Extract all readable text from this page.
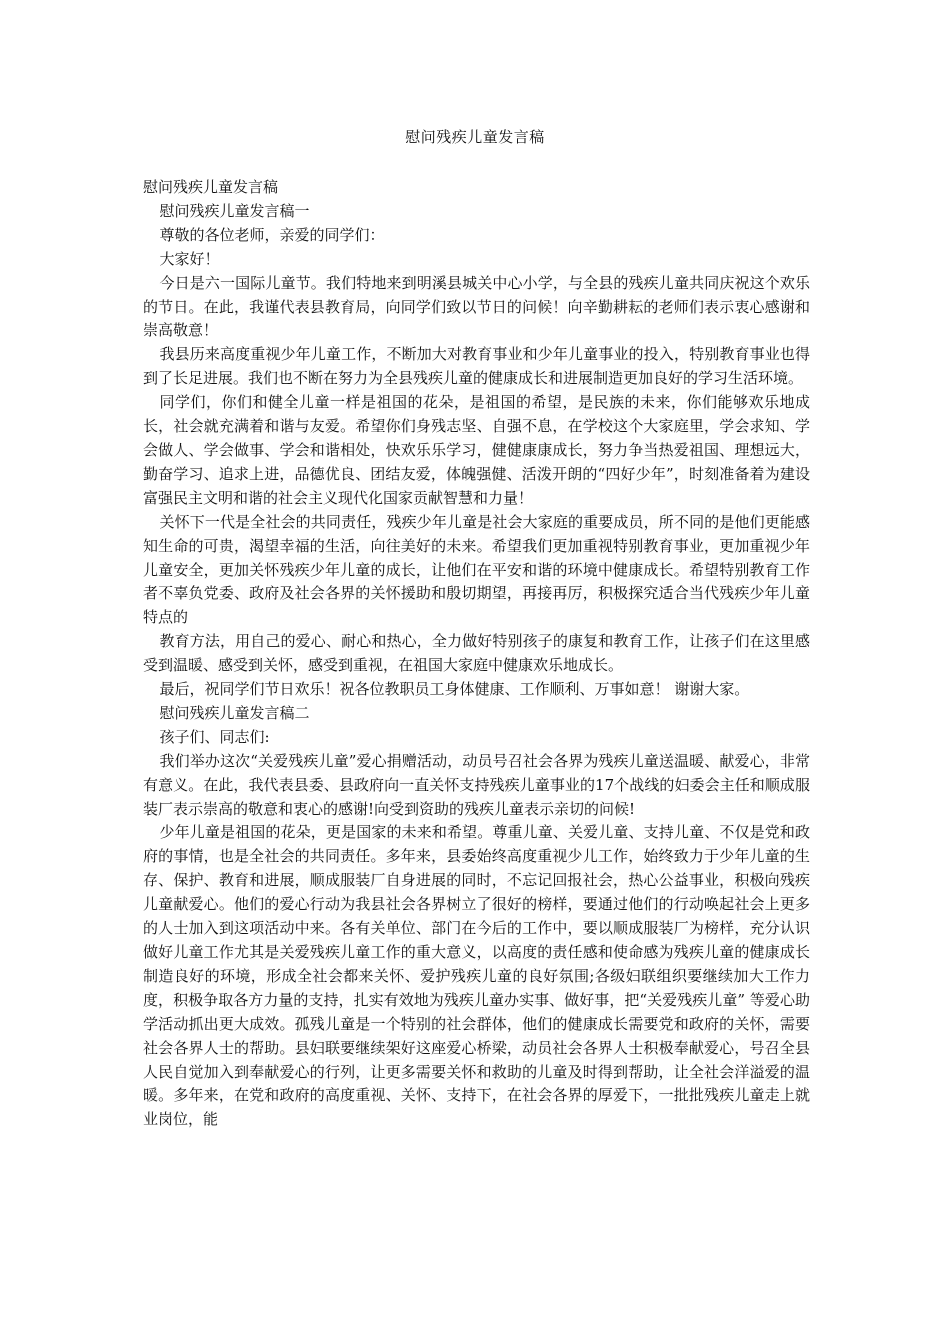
慰问残疾儿童发言稿

慰问残疾儿童发言稿

慰问残疾儿童发言稿一

尊敬的各位老师，亲爱的同学们：

大家好！

今日是六一国际儿童节。我们特地来到明溪县城关中心小学，与全县的残疾儿童共同庆祝这个欢乐的节日。在此，我谨代表县教育局，向同学们致以节日的问候！向辛勤耕耘的老师们表示衷心感谢和崇高敬意！

我县历来高度重视少年儿童工作，不断加大对教育事业和少年儿童事业的投入，特别教育事业也得到了长足进展。我们也不断在努力为全县残疾儿童的健康成长和进展制造更加良好的学习生活环境。

同学们，你们和健全儿童一样是祖国的花朵，是祖国的希望，是民族的未来，你们能够欢乐地成长，社会就充满着和谐与友爱。希望你们身残志坚、自强不息，在学校这个大家庭里，学会求知、学会做人、学会做事、学会和谐相处，快欢乐乐学习，健健康康成长，努力争当热爱祖国、理想远大，勤奋学习、追求上进，品德优良、团结友爱，体魄强健、活泼开朗的“四好少年”，时刻准备着为建设富强民主文明和谐的社会主义现代化国家贡献智慧和力量！

关怀下一代是全社会的共同责任，残疾少年儿童是社会大家庭的重要成员，所不同的是他们更能感知生命的可贵，渴望幸福的生活，向往美好的未来。希望我们更加重视特别教育事业，更加重视少年儿童安全，更加关怀残疾少年儿童的成长，让他们在平安和谐的环境中健康成长。希望特别教育工作者不辜负党委、政府及社会各界的关怀援助和殷切期望，再接再厉，积极探究适合当代残疾少年儿童特点的

教育方法，用自己的爱心、耐心和热心，全力做好特别孩子的康复和教育工作，让孩子们在这里感受到温暖、感受到关怀，感受到重视，在祖国大家庭中健康欢乐地成长。

最后，祝同学们节日欢乐！祝各位教职员工身体健康、工作顺利、万事如意！ 谢谢大家。

慰问残疾儿童发言稿二

孩子们、同志们:

我们举办这次“关爱残疾儿童”爱心捐赠活动，动员号召社会各界为残疾儿童送温暖、献爱心，非常有意义。在此，我代表县委、县政府向一直关怀支持残疾儿童事业的17个战线的妇委会主任和顺成服装厂表示崇高的敬意和衷心的感谢!向受到资助的残疾儿童表示亲切的问候!

少年儿童是祖国的花朵，更是国家的未来和希望。尊重儿童、关爱儿童、支持儿童、不仅是党和政府的事情，也是全社会的共同责任。多年来，县委始终高度重视少儿工作，始终致力于少年儿童的生存、保护、教育和进展，顺成服装厂自身进展的同时，不忘记回报社会，热心公益事业，积极向残疾儿童献爱心。他们的爱心行动为我县社会各界树立了很好的榜样，要通过他们的行动唤起社会上更多的人士加入到这项活动中来。各有关单位、部门在今后的工作中，要以顺成服装厂为榜样，充分认识做好儿童工作尤其是关爱残疾儿童工作的重大意义，以高度的责任感和使命感为残疾儿童的健康成长制造良好的环境，形成全社会都来关怀、爱护残疾儿童的良好氛围;各级妇联组织要继续加大工作力度，积极争取各方力量的支持，扎实有效地为残疾儿童办实事、做好事，把“关爱残疾儿童” 等爱心助学活动抓出更大成效。孤残儿童是一个特别的社会群体，他们的健康成长需要党和政府的关怀，需要社会各界人士的帮助。县妇联要继续架好这座爱心桥梁，动员社会各界人士积极奉献爱心，号召全县人民自觉加入到奉献爱心的行列，让更多需要关怀和救助的儿童及时得到帮助，让全社会洋溢爱的温暖。多年来，在党和政府的高度重视、关怀、支持下，在社会各界的厚爱下，一批批残疾儿童走上就业岗位，能
